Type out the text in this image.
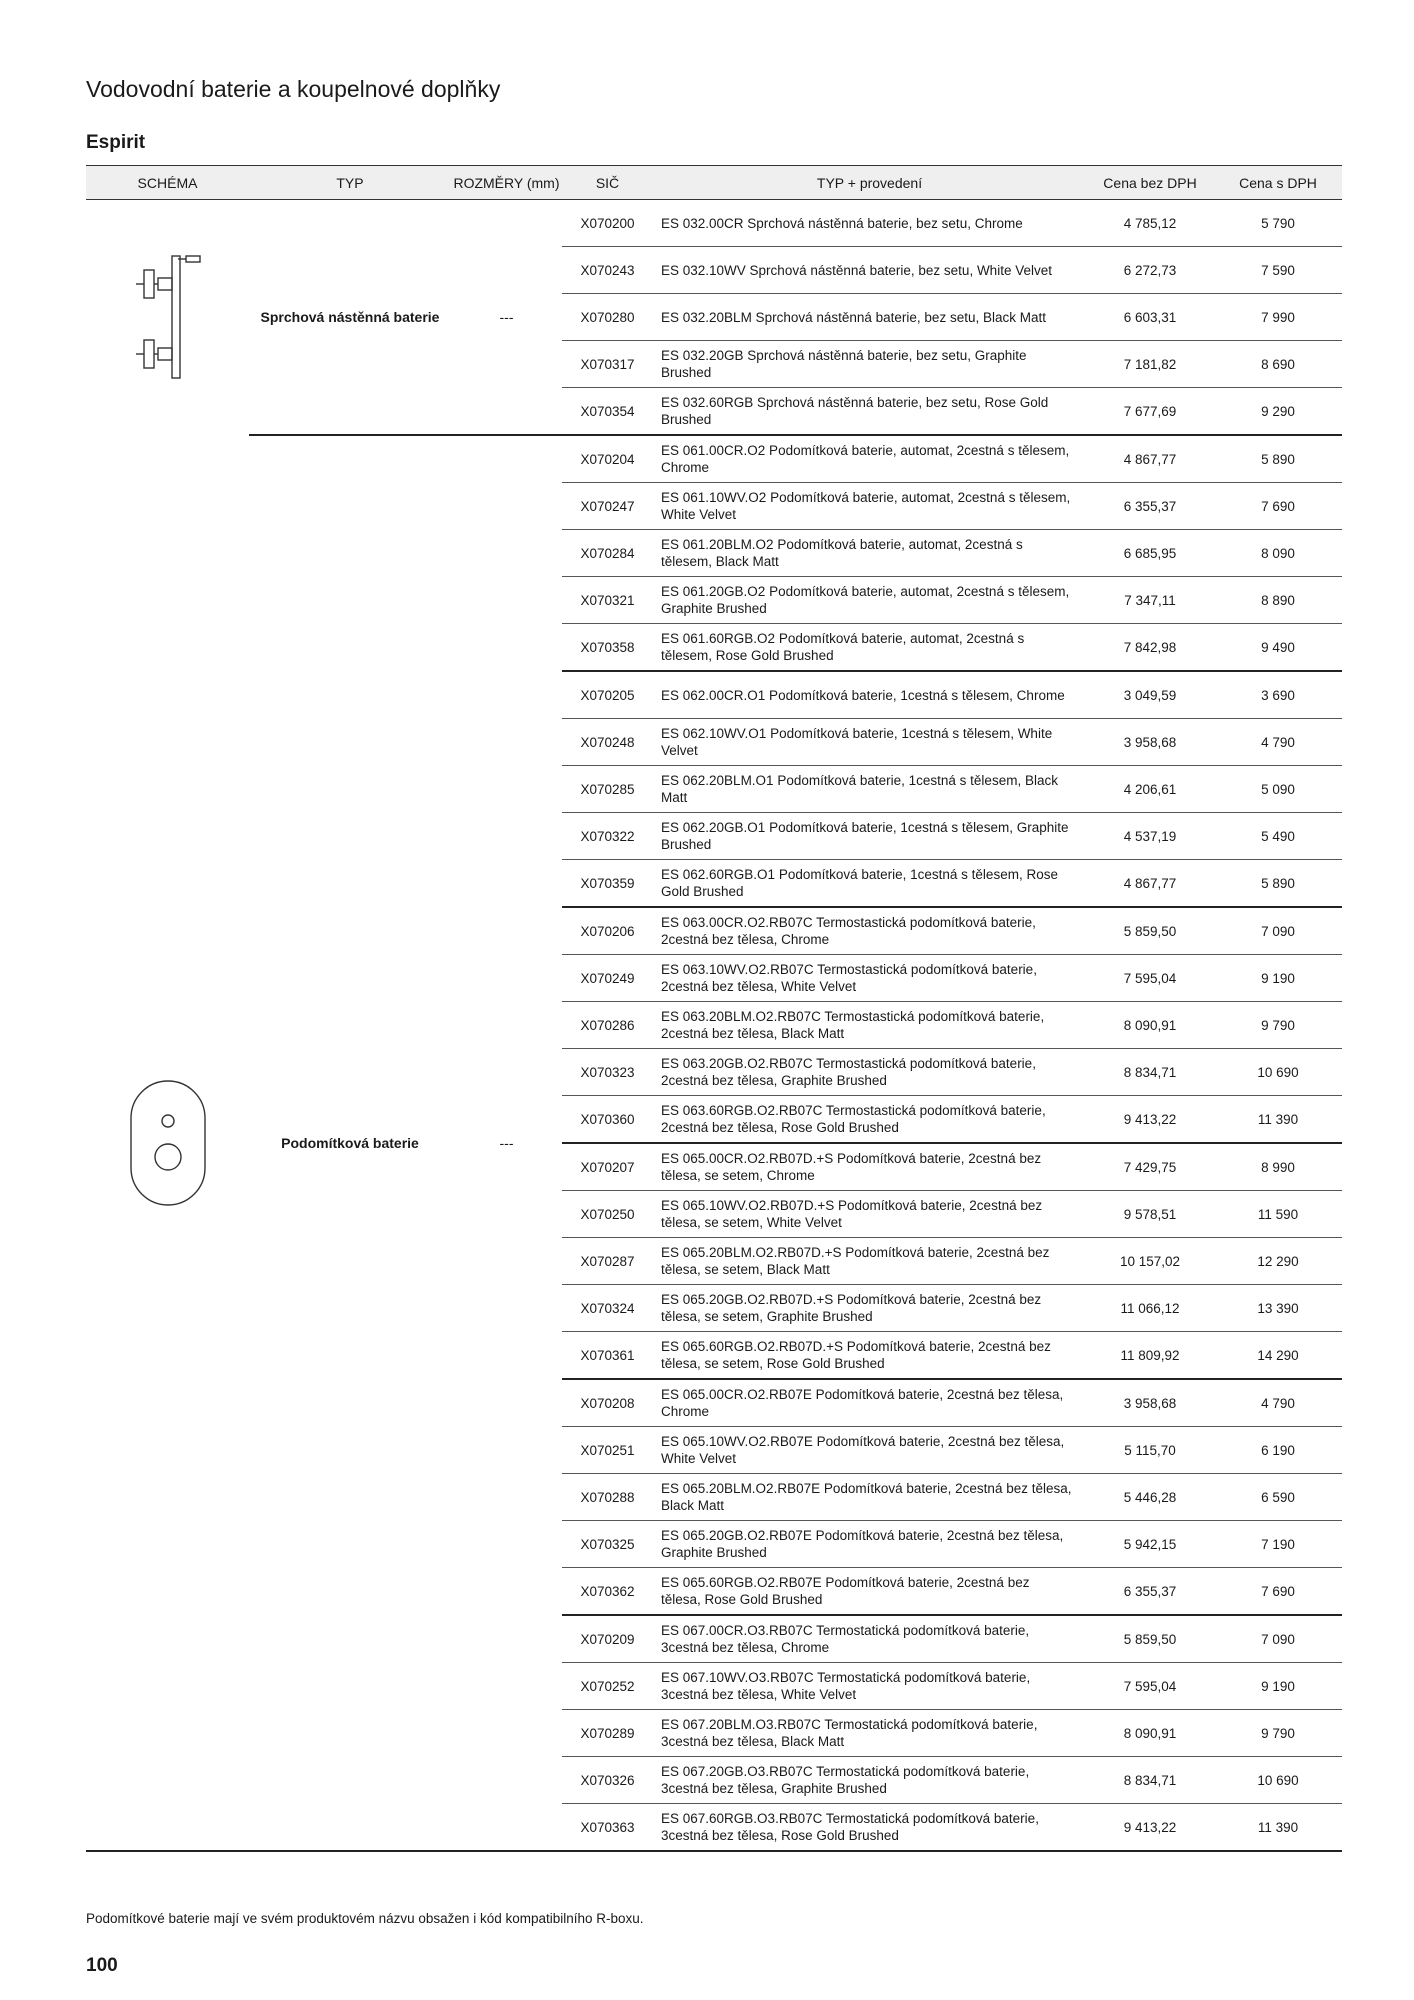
Vodovodní baterie a koupelnové doplňky
Espirit
SCHÉMA	TYP	ROZMĚRY (mm)	SIČ	TYP + provedení	Cena bez DPH	Cena s DPH

	Sprchová nástěnná baterie	---	X070200	ES 032.00CR Sprchová nástěnná baterie, bez setu, Chrome	4 785,12	5 790
			X070243	ES 032.10WV Sprchová nástěnná baterie, bez setu, White Velvet	6 272,73	7 590
			X070280	ES 032.20BLM Sprchová nástěnná baterie, bez setu, Black Matt	6 603,31	7 990
			X070317	ES 032.20GB Sprchová nástěnná baterie, bez setu, Graphite Brushed	7 181,82	8 690
			X070354	ES 032.60RGB Sprchová nástěnná baterie, bez setu, Rose Gold Brushed	7 677,69	9 290

	Podomítková baterie	---	X070204	ES 061.00CR.O2 Podomítková baterie, automat, 2cestná s tělesem, Chrome	4 867,77	5 890
			X070247	ES 061.10WV.O2 Podomítková baterie, automat, 2cestná s tělesem, White Velvet	6 355,37	7 690
			X070284	ES 061.20BLM.O2 Podomítková baterie, automat, 2cestná s tělesem, Black Matt	6 685,95	8 090
			X070321	ES 061.20GB.O2 Podomítková baterie, automat, 2cestná s tělesem, Graphite Brushed	7 347,11	8 890
			X070358	ES 061.60RGB.O2 Podomítková baterie, automat, 2cestná s tělesem, Rose Gold Brushed	7 842,98	9 490
			X070205	ES 062.00CR.O1 Podomítková baterie, 1cestná s tělesem, Chrome	3 049,59	3 690
			X070248	ES 062.10WV.O1 Podomítková baterie, 1cestná s tělesem, White Velvet	3 958,68	4 790
			X070285	ES 062.20BLM.O1 Podomítková baterie, 1cestná s tělesem, Black Matt	4 206,61	5 090
			X070322	ES 062.20GB.O1 Podomítková baterie, 1cestná s tělesem, Graphite Brushed	4 537,19	5 490
			X070359	ES 062.60RGB.O1 Podomítková baterie, 1cestná s tělesem, Rose Gold Brushed	4 867,77	5 890
			X070206	ES 063.00CR.O2.RB07C Termostastická podomítková baterie, 2cestná bez tělesa, Chrome	5 859,50	7 090
			X070249	ES 063.10WV.O2.RB07C Termostastická podomítková baterie, 2cestná bez tělesa, White Velvet	7 595,04	9 190
			X070286	ES 063.20BLM.O2.RB07C Termostastická podomítková baterie, 2cestná bez tělesa, Black Matt	8 090,91	9 790
			X070323	ES 063.20GB.O2.RB07C Termostastická podomítková baterie, 2cestná bez tělesa, Graphite Brushed	8 834,71	10 690
			X070360	ES 063.60RGB.O2.RB07C Termostastická podomítková baterie, 2cestná bez tělesa, Rose Gold Brushed	9 413,22	11 390
			X070207	ES 065.00CR.O2.RB07D.+S Podomítková baterie, 2cestná bez tělesa, se setem, Chrome	7 429,75	8 990
			X070250	ES 065.10WV.O2.RB07D.+S Podomítková baterie, 2cestná bez tělesa, se setem, White Velvet	9 578,51	11 590
			X070287	ES 065.20BLM.O2.RB07D.+S Podomítková baterie, 2cestná bez tělesa, se setem, Black Matt	10 157,02	12 290
			X070324	ES 065.20GB.O2.RB07D.+S Podomítková baterie, 2cestná bez tělesa, se setem, Graphite Brushed	11 066,12	13 390
			X070361	ES 065.60RGB.O2.RB07D.+S Podomítková baterie, 2cestná bez tělesa, se setem, Rose Gold Brushed	11 809,92	14 290
			X070208	ES 065.00CR.O2.RB07E Podomítková baterie, 2cestná bez tělesa, Chrome	3 958,68	4 790
			X070251	ES 065.10WV.O2.RB07E Podomítková baterie, 2cestná bez tělesa, White Velvet	5 115,70	6 190
			X070288	ES 065.20BLM.O2.RB07E Podomítková baterie, 2cestná bez tělesa, Black Matt	5 446,28	6 590
			X070325	ES 065.20GB.O2.RB07E Podomítková baterie, 2cestná bez tělesa, Graphite Brushed	5 942,15	7 190
			X070362	ES 065.60RGB.O2.RB07E Podomítková baterie, 2cestná bez tělesa, Rose Gold Brushed	6 355,37	7 690
			X070209	ES 067.00CR.O3.RB07C Termostatická podomítková baterie, 3cestná bez tělesa, Chrome	5 859,50	7 090
			X070252	ES 067.10WV.O3.RB07C Termostatická podomítková baterie, 3cestná bez tělesa, White Velvet	7 595,04	9 190
			X070289	ES 067.20BLM.O3.RB07C Termostatická podomítková baterie, 3cestná bez tělesa, Black Matt	8 090,91	9 790
			X070326	ES 067.20GB.O3.RB07C Termostatická podomítková baterie, 3cestná bez tělesa, Graphite Brushed	8 834,71	10 690
			X070363	ES 067.60RGB.O3.RB07C Termostatická podomítková baterie, 3cestná bez tělesa, Rose Gold Brushed	9 413,22	11 390
Podomítkové baterie mají ve svém produktovém názvu obsažen i kód kompatibilního R-boxu.
100
